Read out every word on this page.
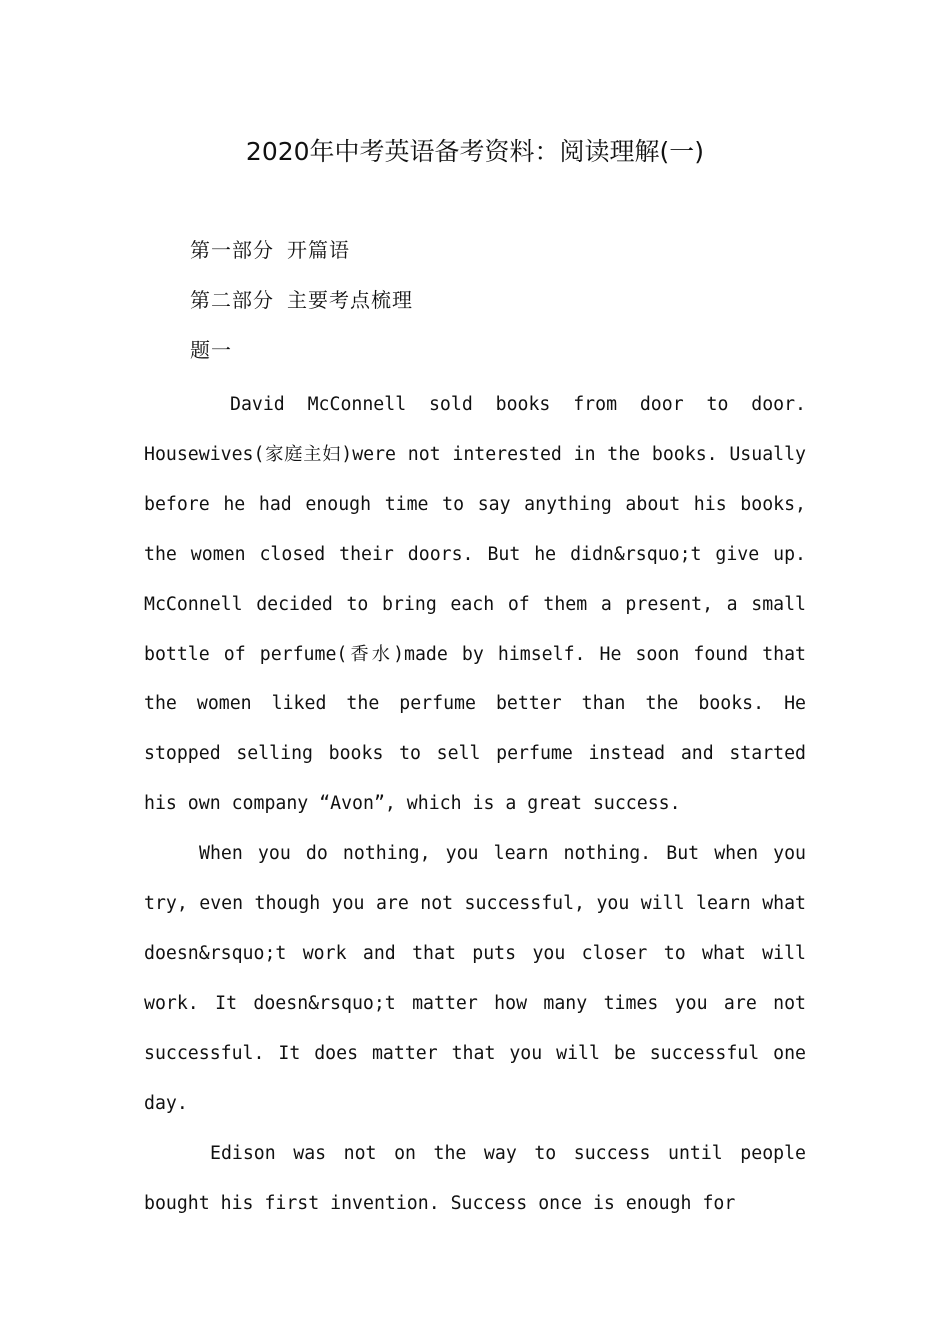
2020年中考英语备考资料：阅读理解(一)
第一部分 开篇语
第二部分 主要考点梳理
题一

David McConnell sold books from door to door. Housewives(家庭主妇)were not interested in the books. Usually before he had enough time to say anything about his books, the women closed their doors. But he didn&rsquo;t give up. McConnell decided to bring each of them a present, a small bottle of perfume(香水)made by himself. He soon found that the women liked the perfume better than the books. He stopped selling books to sell perfume instead and started his own company “Avon”, which is a great success.

When you do nothing, you learn nothing. But when you try, even though you are not successful, you will learn what doesn&rsquo;t work and that puts you closer to what will work. It doesn&rsquo;t matter how many times you are not successful. It does matter that you will be successful one day.

Edison was not on the way to success until people bought his first invention. Success once is enough for
